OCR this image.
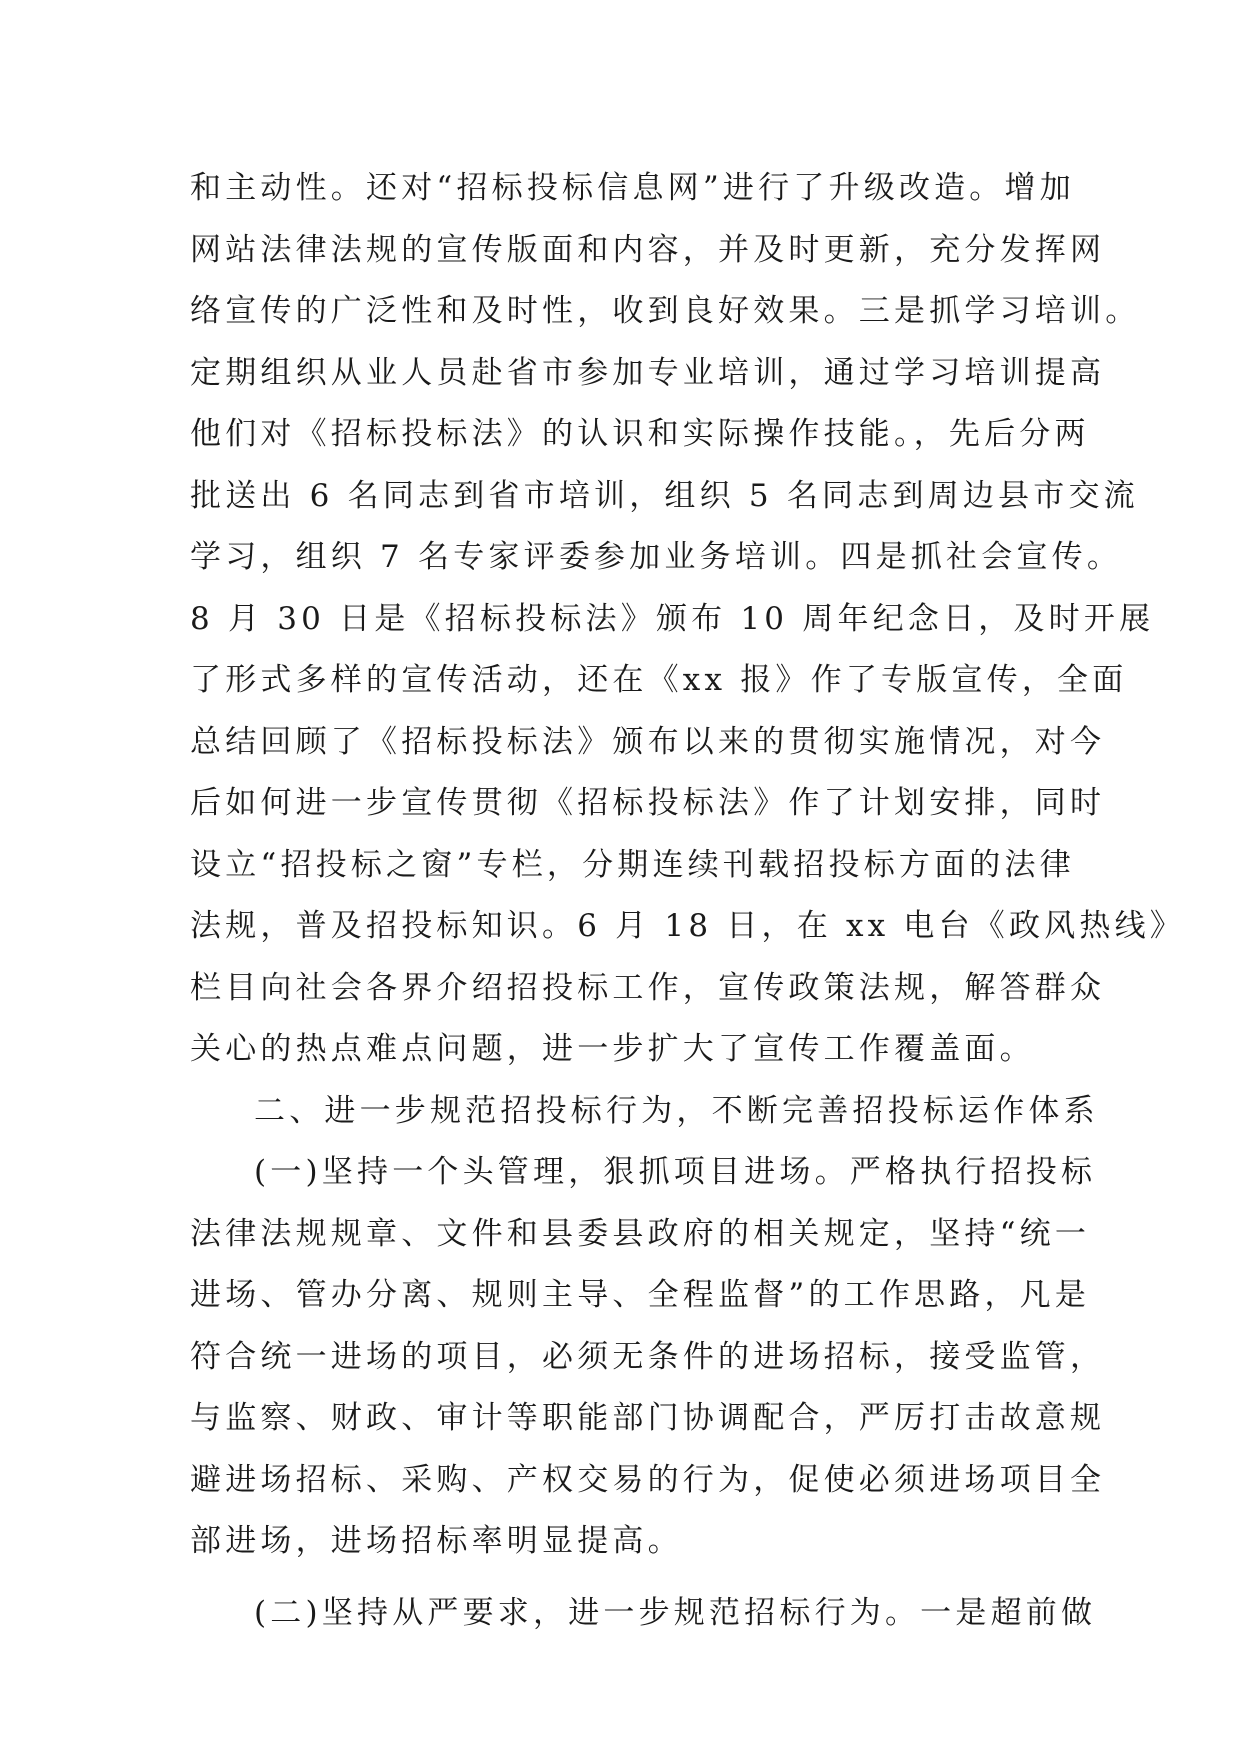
和主动性。还对“招标投标信息网”进行了升级改造。增加
网站法律法规的宣传版面和内容，并及时更新，充分发挥网
络宣传的广泛性和及时性，收到良好效果。三是抓学习培训。
定期组织从业人员赴省市参加专业培训，通过学习培训提高
他们对《招标投标法》的认识和实际操作技能。，先后分两
批送出 6 名同志到省市培训，组织 5 名同志到周边县市交流
学习，组织 7 名专家评委参加业务培训。四是抓社会宣传。
8 月 30 日是《招标投标法》颁布 10 周年纪念日，及时开展
了形式多样的宣传活动，还在《xx 报》作了专版宣传，全面
总结回顾了《招标投标法》颁布以来的贯彻实施情况，对今
后如何进一步宣传贯彻《招标投标法》作了计划安排，同时
设立“招投标之窗”专栏，分期连续刊载招投标方面的法律
法规，普及招投标知识。6 月 18 日，在 xx 电台《政风热线》
栏目向社会各界介绍招投标工作，宣传政策法规，解答群众
关心的热点难点问题，进一步扩大了宣传工作覆盖面。
二、进一步规范招投标行为，不断完善招投标运作体系
(一)坚持一个头管理，狠抓项目进场。严格执行招投标
法律法规规章、文件和县委县政府的相关规定，坚持“统一
进场、管办分离、规则主导、全程监督”的工作思路，凡是
符合统一进场的项目，必须无条件的进场招标，接受监管，
与监察、财政、审计等职能部门协调配合，严厉打击故意规
避进场招标、采购、产权交易的行为，促使必须进场项目全
部进场，进场招标率明显提高。
(二)坚持从严要求，进一步规范招标行为。一是超前做
